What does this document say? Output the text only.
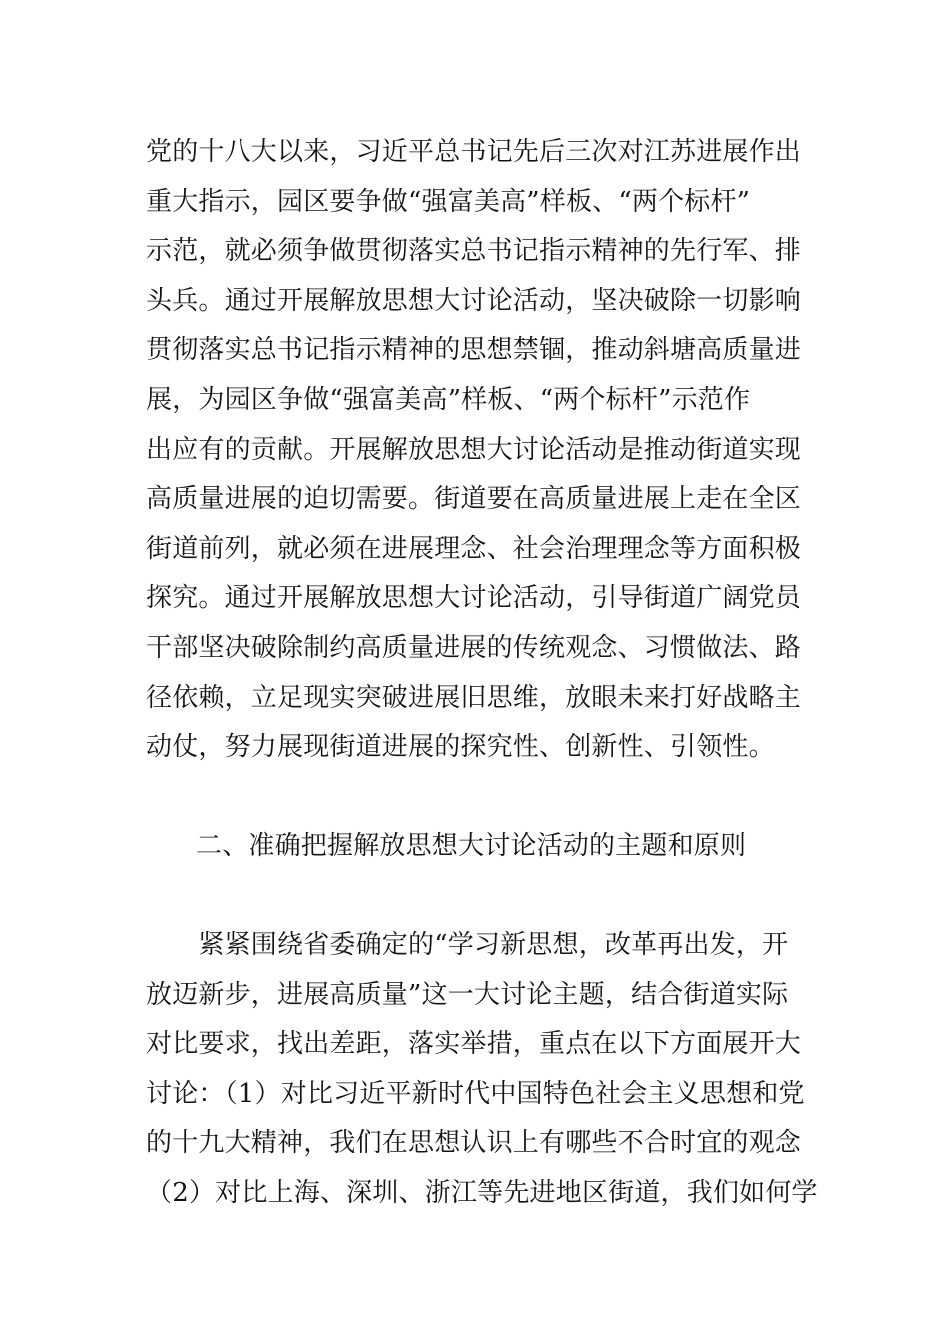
党的十八大以来，习近平总书记先后三次对江苏进展作出
重大指示，园区要争做“强富美高”样板、“两个标杆”
示范，就必须争做贯彻落实总书记指示精神的先行军、排
头兵。通过开展解放思想大讨论活动，坚决破除一切影响
贯彻落实总书记指示精神的思想禁锢，推动斜塘高质量进
展，为园区争做“强富美高”样板、“两个标杆”示范作
出应有的贡献。开展解放思想大讨论活动是推动街道实现
高质量进展的迫切需要。街道要在高质量进展上走在全区
街道前列，就必须在进展理念、社会治理理念等方面积极
探究。通过开展解放思想大讨论活动，引导街道广阔党员
干部坚决破除制约高质量进展的传统观念、习惯做法、路
径依赖，立足现实突破进展旧思维，放眼未来打好战略主
动仗，努力展现街道进展的探究性、创新性、引领性。
二、准确把握解放思想大讨论活动的主题和原则
　　紧紧围绕省委确定的“学习新思想，改革再出发，开
放迈新步，进展高质量”这一大讨论主题，结合街道实际
对比要求，找出差距，落实举措，重点在以下方面展开大
讨论：（1）对比习近平新时代中国特色社会主义思想和党
的十九大精神，我们在思想认识上有哪些不合时宜的观念
（2）对比上海、深圳、浙江等先进地区街道，我们如何学
